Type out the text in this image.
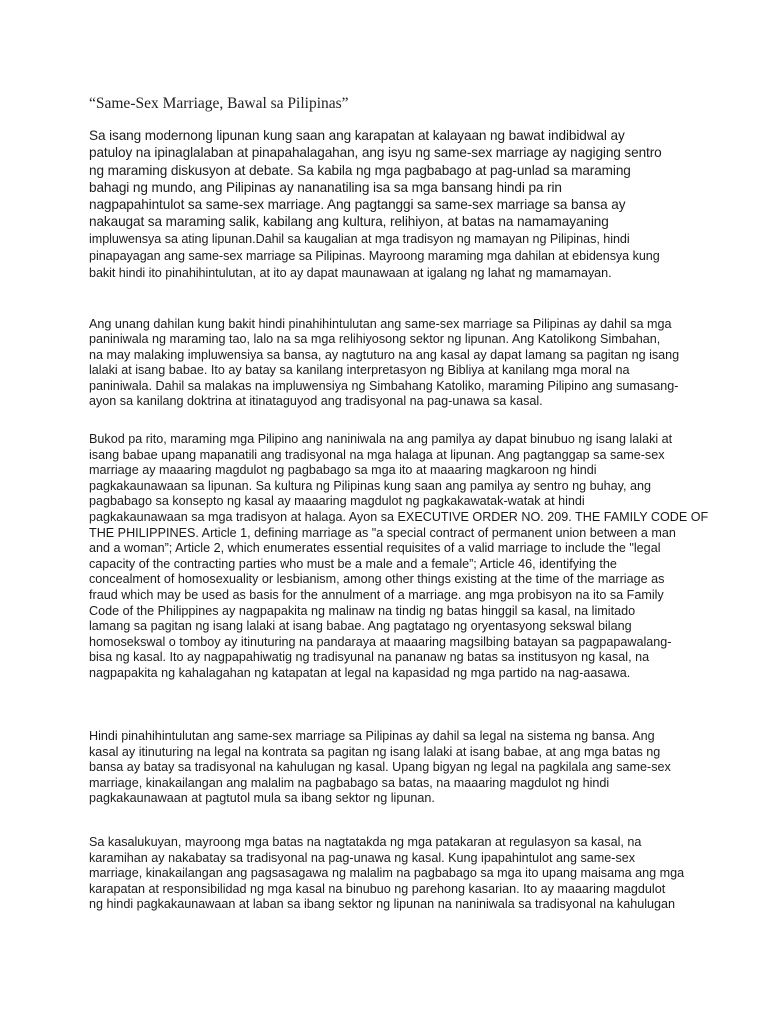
“Same-Sex Marriage, Bawal sa Pilipinas”
Sa isang modernong lipunan kung saan ang karapatan at kalayaan ng bawat indibidwal ay
patuloy na ipinaglalaban at pinapahalagahan, ang isyu ng same-sex marriage ay nagiging sentro
ng maraming diskusyon at debate. Sa kabila ng mga pagbabago at pag-unlad sa maraming
bahagi ng mundo, ang Pilipinas ay nananatiling isa sa mga bansang hindi pa rin
nagpapahintulot sa same-sex marriage. Ang pagtanggi sa same-sex marriage sa bansa ay
nakaugat sa maraming salik, kabilang ang kultura, relihiyon, at batas na namamayaning
impluwensya sa ating lipunan.Dahil sa kaugalian at mga tradisyon ng mamayan ng Pilipinas, hindi
pinapayagan ang same-sex marriage sa Pilipinas. Mayroong maraming mga dahilan at ebidensya kung
bakit hindi ito pinahihintulutan, at ito ay dapat maunawaan at igalang ng lahat ng mamamayan.
Ang unang dahilan kung bakit hindi pinahihintulutan ang same-sex marriage sa Pilipinas ay dahil sa mga
paniniwala ng maraming tao, lalo na sa mga relihiyosong sektor ng lipunan. Ang Katolikong Simbahan,
na may malaking impluwensiya sa bansa, ay nagtuturo na ang kasal ay dapat lamang sa pagitan ng isang
lalaki at isang babae. Ito ay batay sa kanilang interpretasyon ng Bibliya at kanilang mga moral na
paniniwala. Dahil sa malakas na impluwensiya ng Simbahang Katoliko, maraming Pilipino ang sumasang-
ayon sa kanilang doktrina at itinataguyod ang tradisyonal na pag-unawa sa kasal.
Bukod pa rito, maraming mga Pilipino ang naniniwala na ang pamilya ay dapat binubuo ng isang lalaki at
isang babae upang mapanatili ang tradisyonal na mga halaga at lipunan. Ang pagtanggap sa same-sex
marriage ay maaaring magdulot ng pagbabago sa mga ito at maaaring magkaroon ng hindi
pagkakaunawaan sa lipunan. Sa kultura ng Pilipinas kung saan ang pamilya ay sentro ng buhay, ang
pagbabago sa konsepto ng kasal ay maaaring magdulot ng pagkakawatak-watak at hindi
pagkakaunawaan sa mga tradisyon at halaga. Ayon sa EXECUTIVE ORDER NO. 209. THE FAMILY CODE OF
THE PHILIPPINES. Article 1, defining marriage as "a special contract of permanent union between a man
and a woman”; Article 2, which enumerates essential requisites of a valid marriage to include the "legal
capacity of the contracting parties who must be a male and a female”; Article 46, identifying the
concealment of homosexuality or lesbianism, among other things existing at the time of the marriage as
fraud which may be used as basis for the annulment of a marriage. ang mga probisyon na ito sa Family
Code of the Philippines ay nagpapakita ng malinaw na tindig ng batas hinggil sa kasal, na limitado
lamang sa pagitan ng isang lalaki at isang babae. Ang pagtatago ng oryentasyong sekswal bilang
homosekswal o tomboy ay itinuturing na pandaraya at maaaring magsilbing batayan sa pagpapawalang-
bisa ng kasal. Ito ay nagpapahiwatig ng tradisyunal na pananaw ng batas sa institusyon ng kasal, na
nagpapakita ng kahalagahan ng katapatan at legal na kapasidad ng mga partido na nag-aasawa.
Hindi pinahihintulutan ang same-sex marriage sa Pilipinas ay dahil sa legal na sistema ng bansa. Ang
kasal ay itinuturing na legal na kontrata sa pagitan ng isang lalaki at isang babae, at ang mga batas ng
bansa ay batay sa tradisyonal na kahulugan ng kasal. Upang bigyan ng legal na pagkilala ang same-sex
marriage, kinakailangan ang malalim na pagbabago sa batas, na maaaring magdulot ng hindi
pagkakaunawaan at pagtutol mula sa ibang sektor ng lipunan.
Sa kasalukuyan, mayroong mga batas na nagtatakda ng mga patakaran at regulasyon sa kasal, na
karamihan ay nakabatay sa tradisyonal na pag-unawa ng kasal. Kung ipapahintulot ang same-sex
marriage, kinakailangan ang pagsasagawa ng malalim na pagbabago sa mga ito upang maisama ang mga
karapatan at responsibilidad ng mga kasal na binubuo ng parehong kasarian. Ito ay maaaring magdulot
ng hindi pagkakaunawaan at laban sa ibang sektor ng lipunan na naniniwala sa tradisyonal na kahulugan
